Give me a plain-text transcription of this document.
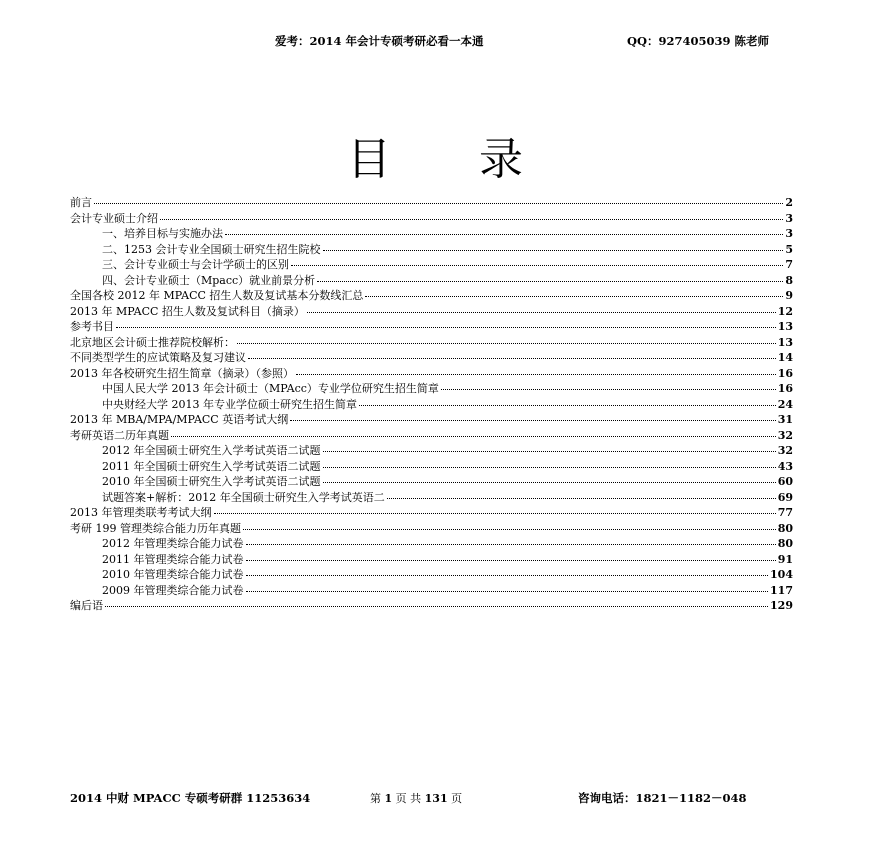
爱考：2014 年会计专硕考研必看一本通	QQ：927405039 陈老师
目录
前言	2
会计专业硕士介绍	3
一、培养目标与实施办法	3
二、1253 会计专业全国硕士研究生招生院校	5
三、会计专业硕士与会计学硕士的区别	7
四、会计专业硕士（Mpacc）就业前景分析	8
全国各校 2012 年 MPACC 招生人数及复试基本分数线汇总	9
2013 年 MPACC 招生人数及复试科目（摘录）	12
参考书目	13
北京地区会计硕士推荐院校解析：	13
不同类型学生的应试策略及复习建议	14
2013 年各校研究生招生简章（摘录）（参照）	16
中国人民大学 2013 年会计硕士（MPAcc）专业学位研究生招生简章	16
中央财经大学 2013 年专业学位硕士研究生招生简章	24
2013 年 MBA/MPA/MPACC 英语考试大纲	31
考研英语二历年真题	32
2012 年全国硕士研究生入学考试英语二试题	32
2011 年全国硕士研究生入学考试英语二试题	43
2010 年全国硕士研究生入学考试英语二试题	60
试题答案+解析：2012 年全国硕士研究生入学考试英语二	69
2013 年管理类联考考试大纲	77
考研 199 管理类综合能力历年真题	80
2012 年管理类综合能力试卷	80
2011 年管理类综合能力试卷	91
2010 年管理类综合能力试卷	104
2009 年管理类综合能力试卷	117
编后语	129
2014 中财 MPACC 专硕考研群 11253634	第 1 页 共 131 页	咨询电话：1821－1182－048
